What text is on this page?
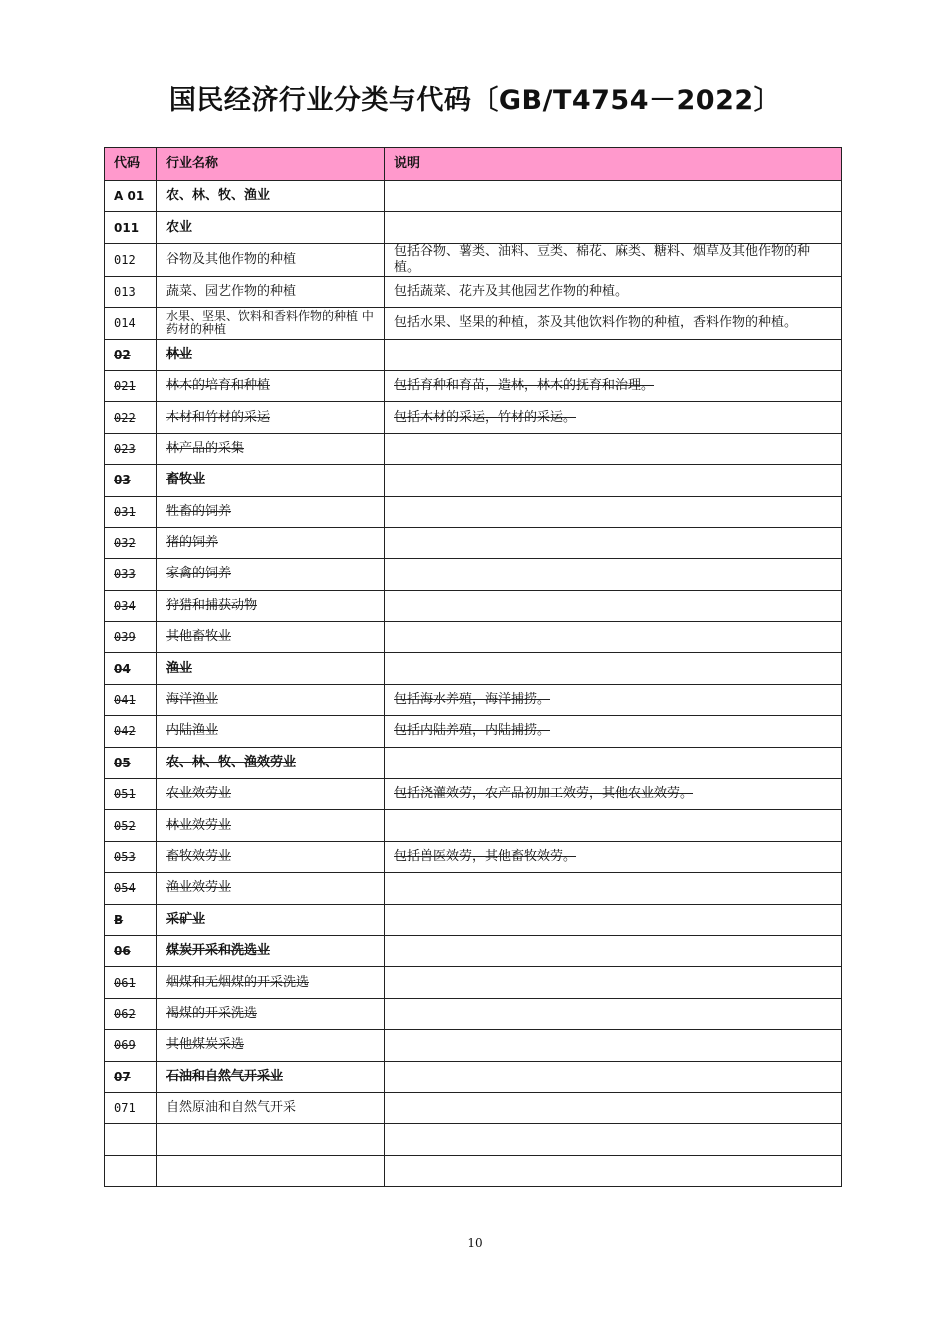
国民经济行业分类与代码〔GB/T4754－2022〕
代码	行业名称	说明
A 01	农、林、牧、渔业	
011	农业	
012	谷物及其他作物的种植	包括谷物、薯类、油料、豆类、棉花、麻类、糖料、烟草及其他作物的种植。
013	蔬菜、园艺作物的种植	包括蔬菜、花卉及其他园艺作物的种植。
014	水果、坚果、饮料和香料作物的种植 中药材的种植	包括水果、坚果的种植，茶及其他饮料作物的种植，香料作物的种植。
02	林业	
021	林木的培育和种植	包括育种和育苗，造林，林木的抚育和治理。
022	木材和竹材的采运	包括木材的采运，竹材的采运。
023	林产品的采集	
03	畜牧业	
031	牲畜的饲养	
032	猪的饲养	
033	家禽的饲养	
034	狩猎和捕获动物	
039	其他畜牧业	
04	渔业	
041	海洋渔业	包括海水养殖，海洋捕捞。
042	内陆渔业	包括内陆养殖，内陆捕捞。
05	农、林、牧、渔效劳业	
051	农业效劳业	包括浇灌效劳，农产品初加工效劳，其他农业效劳。
052	林业效劳业	
053	畜牧效劳业	包括兽医效劳，其他畜牧效劳。
054	渔业效劳业	
B	采矿业	
06	煤炭开采和洗选业	
061	烟煤和无烟煤的开采洗选	
062	褐煤的开采洗选	
069	其他煤炭采选	
07	石油和自然气开采业	
071	自然原油和自然气开采	

10
